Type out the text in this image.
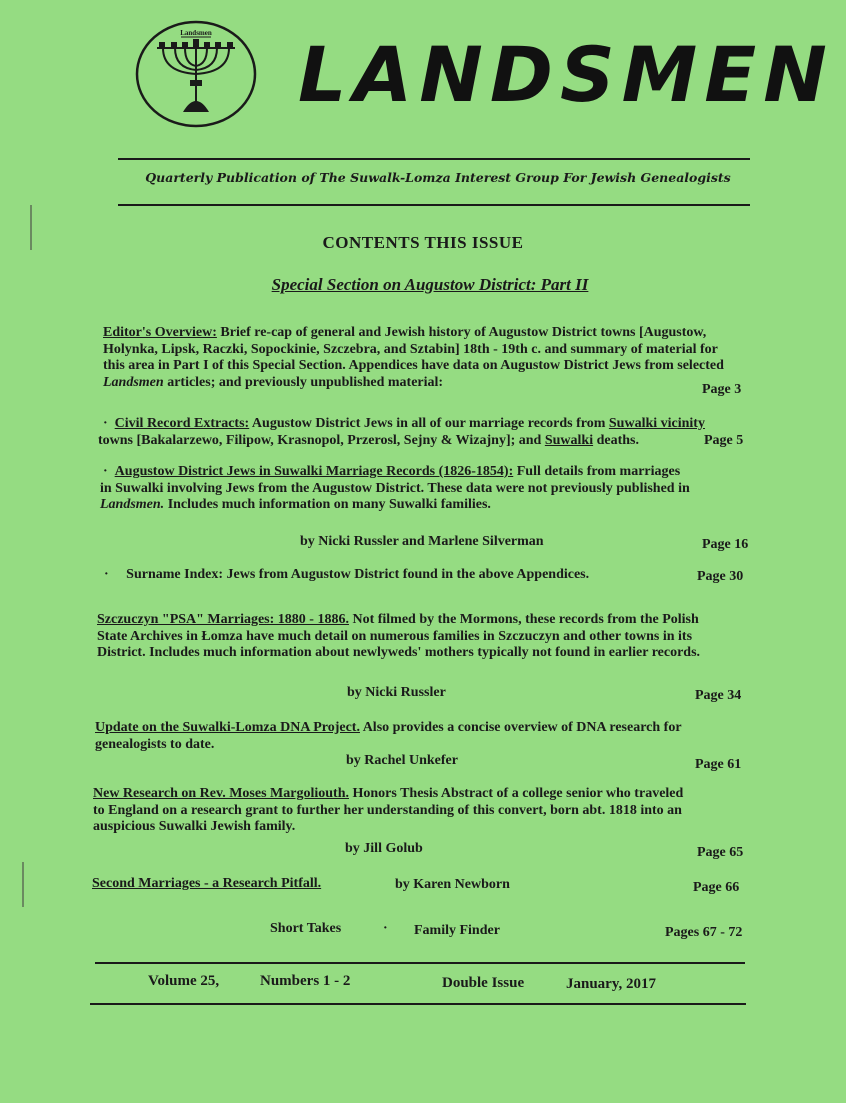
Landsmen LANDSMEN
Quarterly Publication of The Suwalk-Lomza Interest Group For Jewish Genealogists
CONTENTS THIS ISSUE
Special Section on Augustow District: Part II

Editor's Overview: Brief re-cap of general and Jewish history of Augustow District towns [Augustow,

Holynka, Lipsk, Raczki, Sopockinie, Szczebra, and Sztabin] 18th - 19th c. and summary of material for

this area in Part I of this Special Section. Appendices have data on Augustow District Jews from selected

Landsmen articles; and previously unpublished material:	Page 3

· Civil Record Extracts: Augustow District Jews in all of our marriage records from Suwalki vicinity

towns [Bakalarzewo, Filipow, Krasnopol, Przerosl, Sejny & Wizajny]; and Suwalki deaths.	Page 5

· Augustow District Jews in Suwalki Marriage Records (1826-1854): Full details from marriages

in Suwalki involving Jews from the Augustow District. These data were not previously published in

Landsmen. Includes much information on many Suwalki families.

by Nicki Russler and Marlene Silverman	Page 16

· Surname Index: Jews from Augustow District found in the above Appendices.	Page 30

Szczuczyn "PSA" Marriages: 1880 - 1886. Not filmed by the Mormons, these records from the Polish

State Archives in Łomza have much detail on numerous families in Szczuczyn and other towns in its

District. Includes much information about newlyweds' mothers typically not found in earlier records.

by Nicki Russler	Page 34

Update on the Suwalki-Lomza DNA Project. Also provides a concise overview of DNA research for

genealogists to date.

by Rachel Unkefer	Page 61

New Research on Rev. Moses Margoliouth. Honors Thesis Abstract of a college senior who traveled

to England on a research grant to further her understanding of this convert, born abt. 1818 into an

auspicious Suwalki Jewish family.

by Jill Golub	Page 65

Second Marriages - a Research Pitfall.	by Karen Newborn	Page 66
Short Takes	· Family Finder	Pages 67 - 72
Volume 25,	Numbers 1 - 2	Double Issue	January, 2017
